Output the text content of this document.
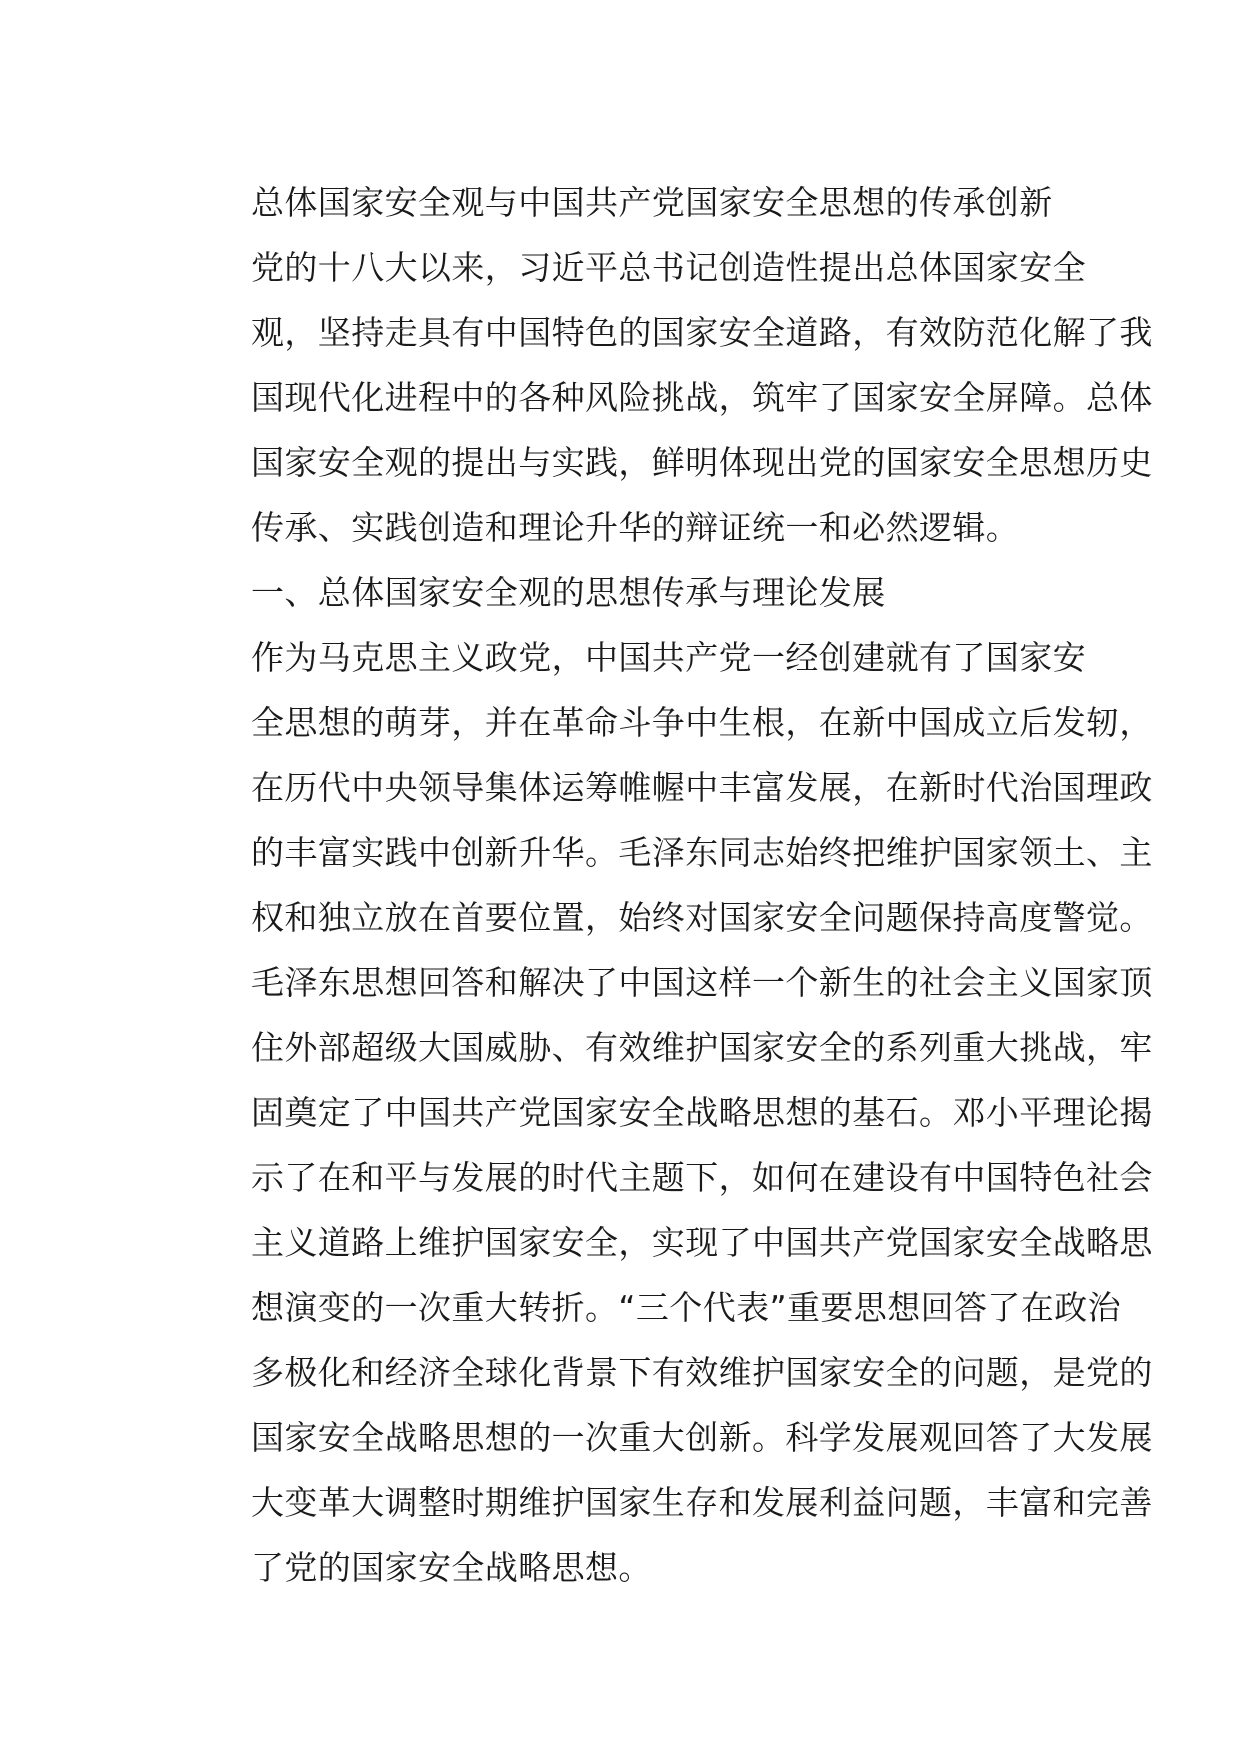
总体国家安全观与中国共产党国家安全思想的传承创新

党的十八大以来，习近平总书记创造性提出总体国家安全
观，坚持走具有中国特色的国家安全道路，有效防范化解了我
国现代化进程中的各种风险挑战，筑牢了国家安全屏障。总体
国家安全观的提出与实践，鲜明体现出党的国家安全思想历史
传承、实践创造和理论升华的辩证统一和必然逻辑。

一、总体国家安全观的思想传承与理论发展

作为马克思主义政党，中国共产党一经创建就有了国家安
全思想的萌芽，并在革命斗争中生根，在新中国成立后发轫，
在历代中央领导集体运筹帷幄中丰富发展，在新时代治国理政
的丰富实践中创新升华。毛泽东同志始终把维护国家领土、主
权和独立放在首要位置，始终对国家安全问题保持高度警觉。
毛泽东思想回答和解决了中国这样一个新生的社会主义国家顶
住外部超级大国威胁、有效维护国家安全的系列重大挑战，牢
固奠定了中国共产党国家安全战略思想的基石。邓小平理论揭
示了在和平与发展的时代主题下，如何在建设有中国特色社会
主义道路上维护国家安全，实现了中国共产党国家安全战略思
想演变的一次重大转折。“三个代表”重要思想回答了在政治
多极化和经济全球化背景下有效维护国家安全的问题，是党的
国家安全战略思想的一次重大创新。科学发展观回答了大发展
大变革大调整时期维护国家生存和发展利益问题，丰富和完善
了党的国家安全战略思想。
